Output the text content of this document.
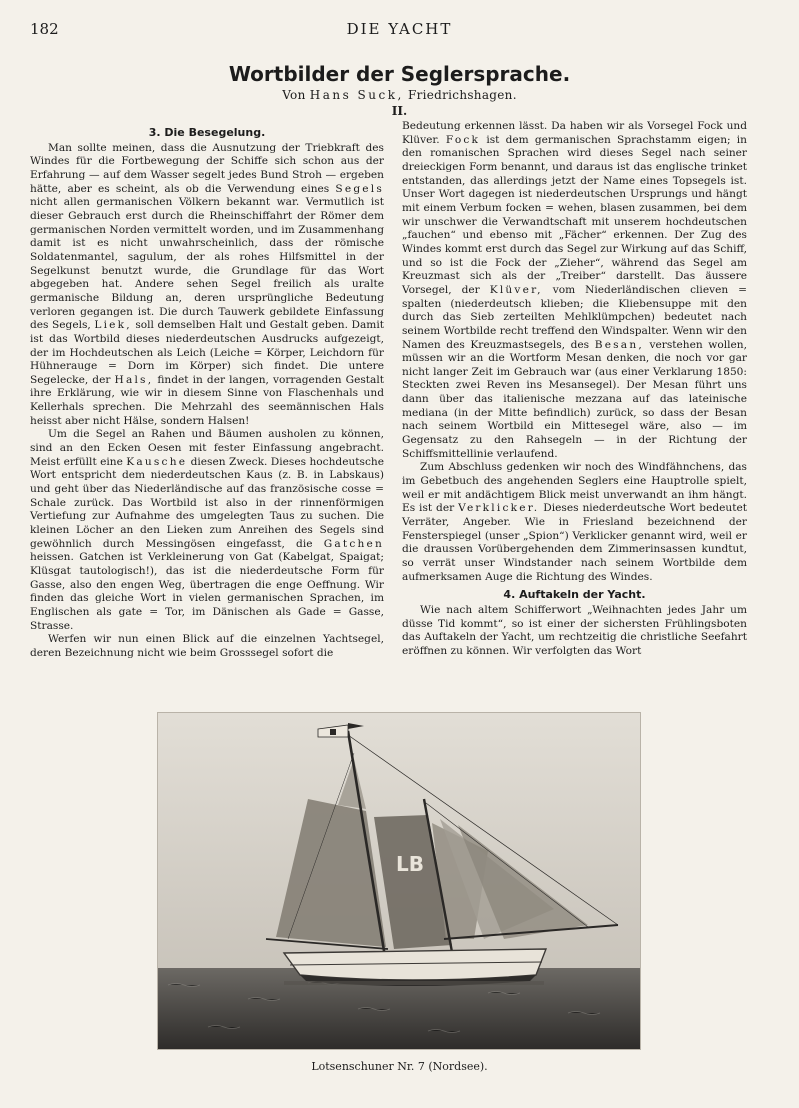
182	DIE YACHT
Wortbilder der Seglersprache.
Von Hans Suck, Friedrichshagen.
II.
3. Die Besegelung.

Man sollte meinen, dass die Ausnutzung der Triebkraft des Windes für die Fortbewegung der Schiffe sich schon aus der Erfahrung — auf dem Wasser segelt jedes Bund Stroh — ergeben hätte, aber es scheint, als ob die Verwendung eines Segels nicht allen germanischen Völkern bekannt war. Vermutlich ist dieser Gebrauch erst durch die Rheinschiffahrt der Römer dem germanischen Norden vermittelt worden, und im Zusammenhang damit ist es nicht unwahrscheinlich, dass der römische Soldatenmantel, sagulum, der als rohes Hilfsmittel in der Segelkunst benutzt wurde, die Grundlage für das Wort abgegeben hat. Andere sehen Segel freilich als uralte germanische Bildung an, deren ursprüngliche Bedeutung verloren gegangen ist. Die durch Tauwerk gebildete Einfassung des Segels, Liek, soll demselben Halt und Gestalt geben. Damit ist das Wortbild dieses niederdeutschen Ausdrucks aufgezeigt, der im Hochdeutschen als Leich (Leiche = Körper, Leichdorn für Hühneraugе = Dorn im Körper) sich findet. Die untere Segelecke, der Hals, findet in der langen, vorragenden Gestalt ihre Erklärung, wie wir in diesem Sinne von Flaschenhals und Kellerhals sprechen. Die Mehrzahl des seemännischen Hals heisst aber nicht Hälse, sondern Halsen!

Um die Segel an Rahen und Bäumen ausholen zu können, sind an den Ecken Oesen mit fester Einfassung angebracht. Meist erfüllt eine Kausche diesen Zweck. Dieses hochdeutsche Wort entspricht dem niederdeutschen Kaus (z. B. in Labskaus) und geht über das Niederländische auf das französische cosse = Schale zurück. Das Wortbild ist also in der rinnenförmigen Vertiefung zur Aufnahme des umgelegten Taus zu suchen. Die kleinen Löcher an den Lieken zum Anreihen des Segels sind gewöhnlich durch Messingösen eingefasst, die Gatchen heissen. Gatchen ist Verkleinerung von Gat (Kabelgat, Spaigat; Klüsgat tautologisch!), das ist die niederdeutsche Form für Gasse, also den engen Weg, übertragen die enge Oeffnung. Wir finden das gleiche Wort in vielen germanischen Sprachen, im Englischen als gate = Tor, im Dänischen als Gade = Gasse, Strasse.

Werfen wir nun einen Blick auf die einzelnen Yachtsegel, deren Bezeichnung nicht wie beim Grosssegel sofort die

Bedeutung erkennen lässt. Da haben wir als Vorsegel Fock und Klüver. Fock ist dem germanischen Sprachstamm eigen; in den romanischen Sprachen wird dieses Segel nach seiner dreieckigen Form benannt, und daraus ist das englische trinket entstanden, das allerdings jetzt der Name eines Topsegels ist. Unser Wort dagegen ist niederdeutschen Ursprungs und hängt mit einem Verbum focken = wehen, blasen zusammen, bei dem wir unschwer die Verwandtschaft mit unserem hochdeutschen „fauchen“ und ebenso mit „Fächer“ erkennen. Der Zug des Windes kommt erst durch das Segel zur Wirkung auf das Schiff, und so ist die Fock der „Zieher“, während das Segel am Kreuzmast sich als der „Treiber“ darstellt. Das äussere Vorsegel, der Klüver, vom Niederländischen clieven = spalten (niederdeutsch klieben; die Kliebensuppe mit den durch das Sieb zerteilten Mehlklümpchen) bedeutet nach seinem Wortbilde recht treffend den Windspalter. Wenn wir den Namen des Kreuzmastsegels, des Besan, verstehen wollen, müssen wir an die Wortform Mesan denken, die noch vor gar nicht langer Zeit im Gebrauch war (aus einer Verklarung 1850: Steckten zwei Reven ins Mesansegel). Der Mesan führt uns dann über das italienische mezzana auf das lateinische mediana (in der Mitte befindlich) zurück, so dass der Besan nach seinem Wortbild ein Mittesegel wäre, also — im Gegensatz zu den Rahsegeln — in der Richtung der Schiffsmittellinie verlaufend.

Zum Abschluss gedenken wir noch des Windfähnchens, das im Gebetbuch des angehenden Seglers eine Hauptrolle spielt, weil er mit andächtigem Blick meist unverwandt an ihm hängt. Es ist der Verklicker. Dieses niederdeutsche Wort bedeutet Verräter, Angeber. Wie in Friesland bezeichnend der Fensterspiegel (unser „Spion“) Verklicker genannt wird, weil er die draussen Vorübergehenden dem Zimmerinsassen kundtut, so verrät unser Windstander nach seinem Wortbilde dem aufmerksamen Auge die Richtung des Windes.

4. Auftakeln der Yacht.

Wie nach altem Schifferwort „Weihnachten jedes Jahr um düsse Tid kommt“, so ist einer der sichersten Frühlingsboten das Auftakeln der Yacht, um rechtzeitig die christliche Seefahrt eröffnen zu können. Wir verfolgten das Wort

LB
Lotsenschuner Nr. 7 (Nordsee).
